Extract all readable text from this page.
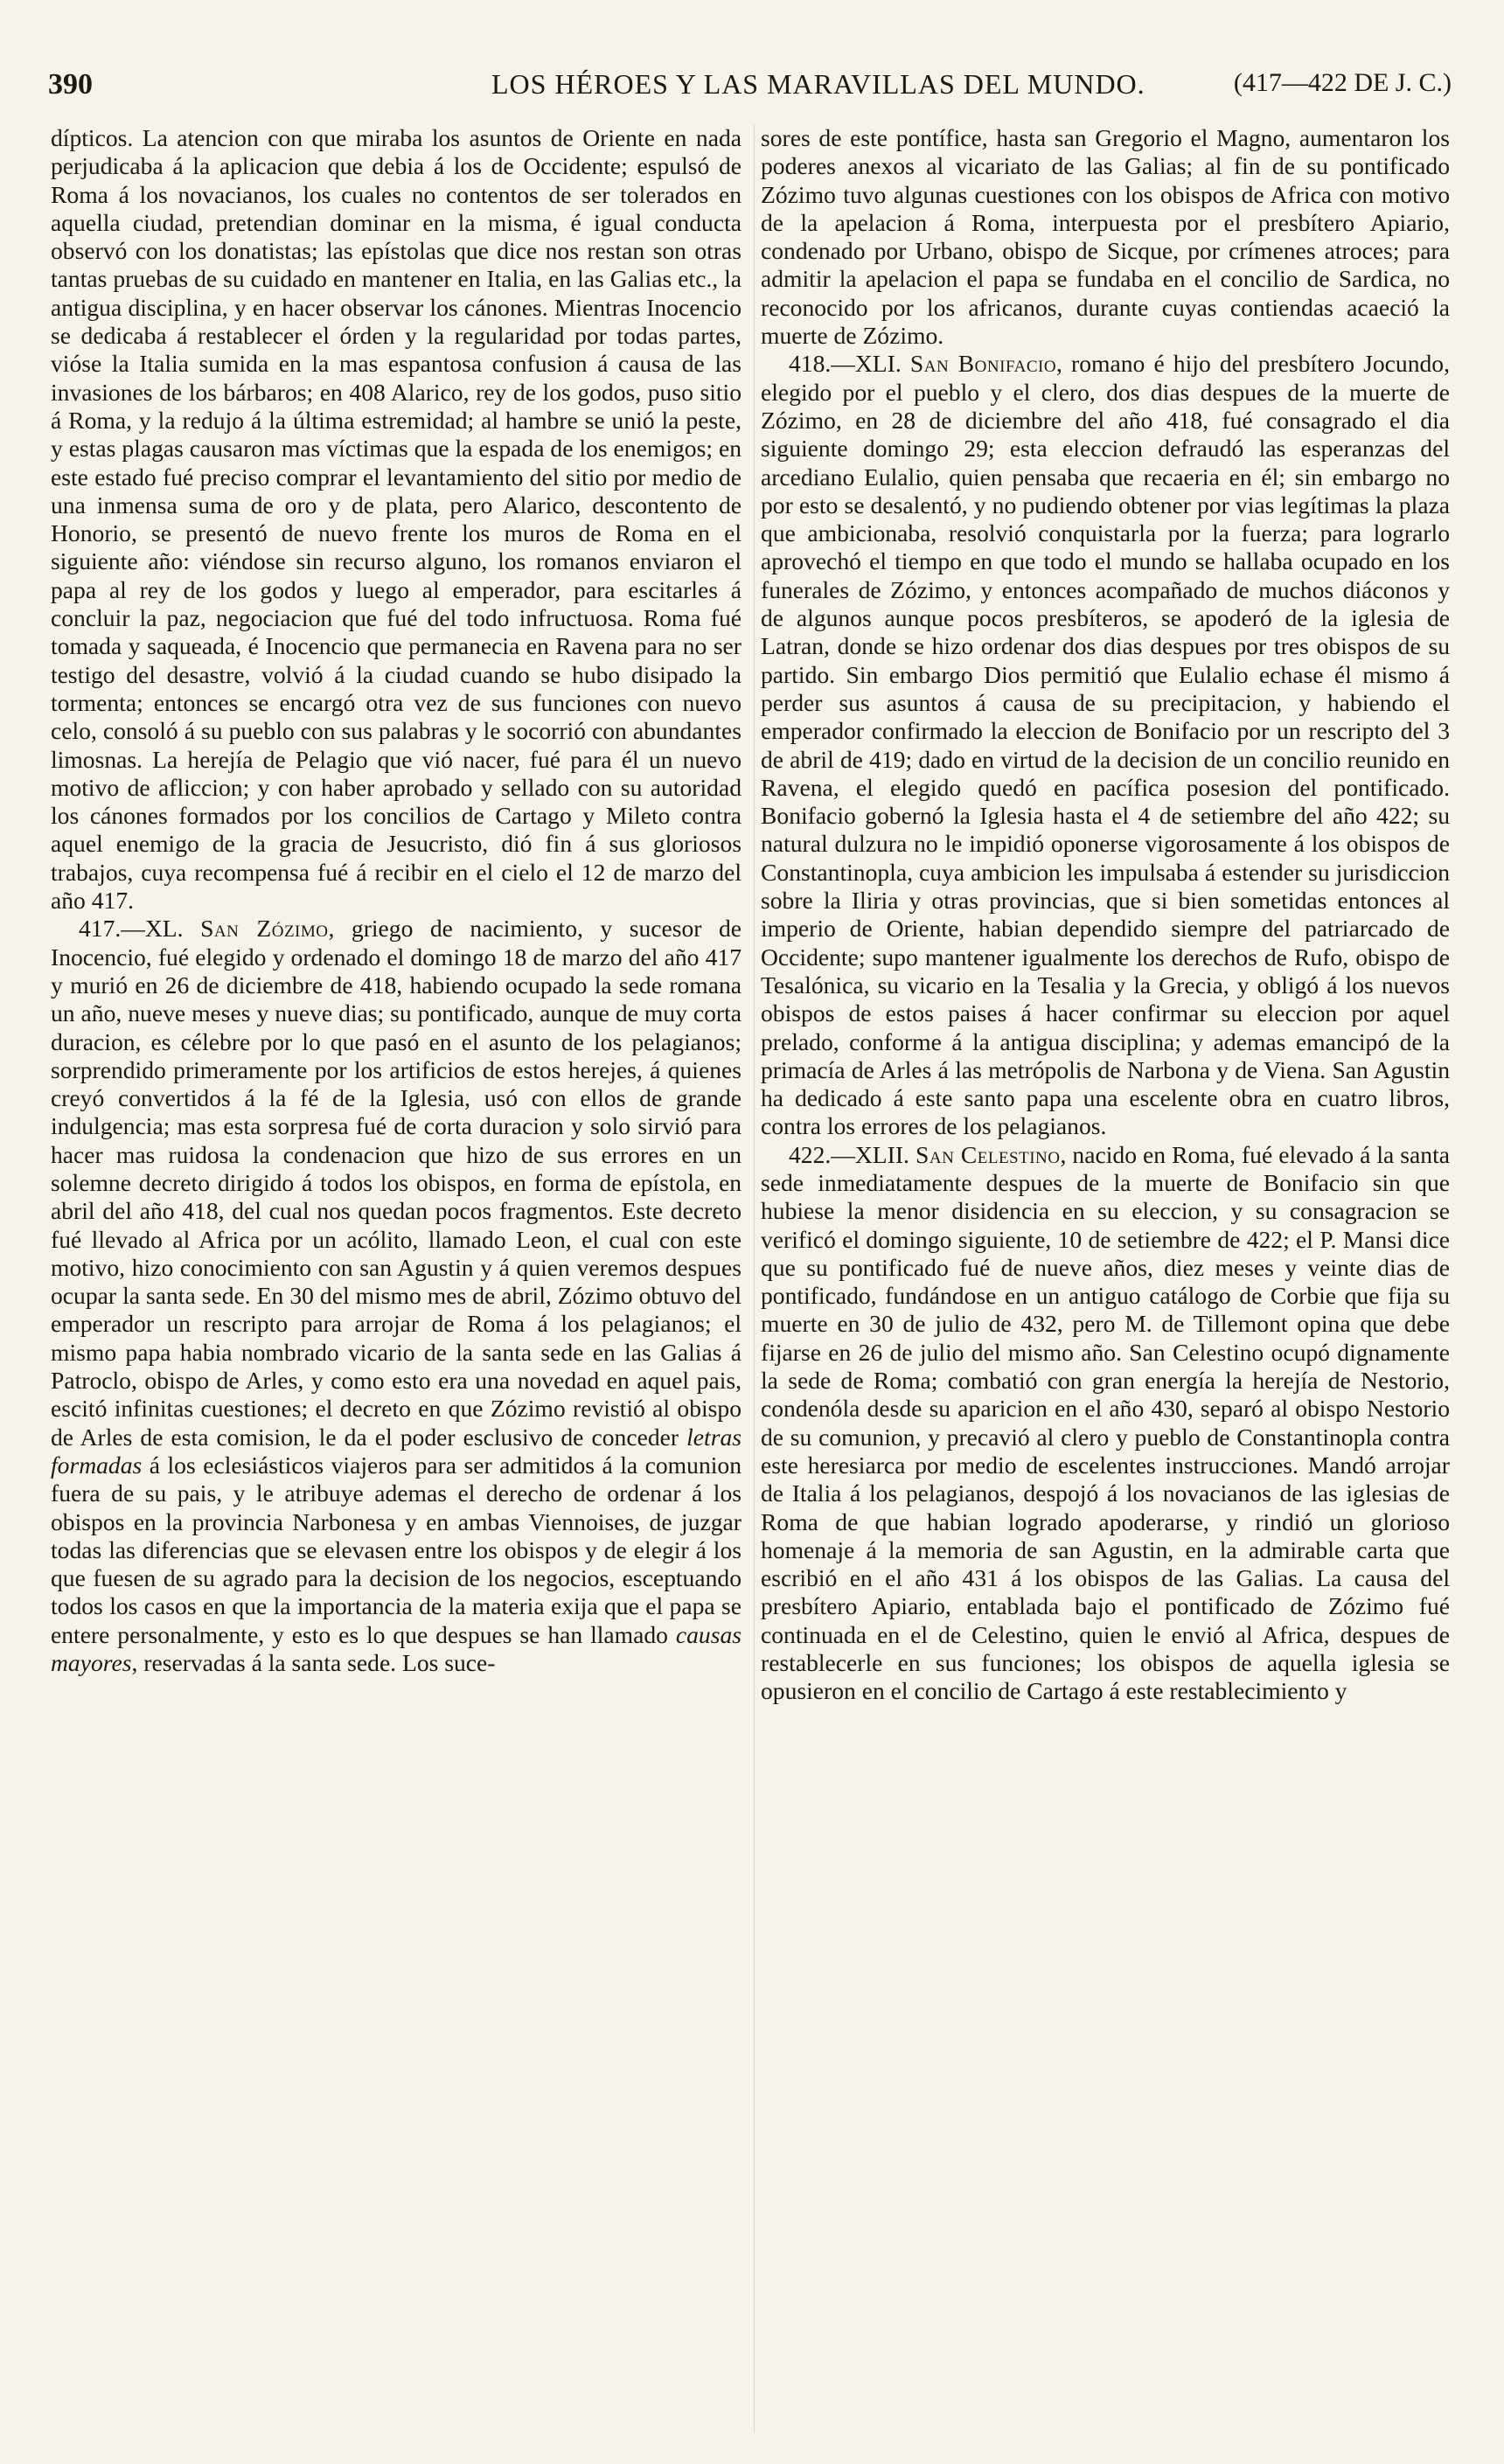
390	LOS HÉROES Y LAS MARAVILLAS DEL MUNDO.	(417—422 DE J. C.)

dípticos. La atencion con que miraba los asuntos de Oriente en nada perjudicaba á la aplicacion que debia á los de Occidente; espulsó de Roma á los novacianos, los cuales no contentos de ser tolerados en aquella ciudad, pretendian dominar en la misma, é igual conducta observó con los donatistas; las epístolas que dice nos restan son otras tantas pruebas de su cuidado en mantener en Italia, en las Galias etc., la antigua disciplina, y en hacer observar los cánones. Mientras Inocencio se dedicaba á restablecer el órden y la regularidad por todas partes, vióse la Italia sumida en la mas espantosa confusion á causa de las invasiones de los bárbaros; en 408 Alarico, rey de los godos, puso sitio á Roma, y la redujo á la última estremidad; al hambre se unió la peste, y estas plagas causaron mas víctimas que la espada de los enemigos; en este estado fué preciso comprar el levantamiento del sitio por medio de una inmensa suma de oro y de plata, pero Alarico, descontento de Honorio, se presentó de nuevo frente los muros de Roma en el siguiente año: viéndose sin recurso alguno, los romanos enviaron el papa al rey de los godos y luego al emperador, para escitarles á concluir la paz, negociacion que fué del todo infructuosa. Roma fué tomada y saqueada, é Inocencio que permanecia en Ravena para no ser testigo del desastre, volvió á la ciudad cuando se hubo disipado la tormenta; entonces se encargó otra vez de sus funciones con nuevo celo, consoló á su pueblo con sus palabras y le socorrió con abundantes limosnas. La herejía de Pelagio que vió nacer, fué para él un nuevo motivo de afliccion; y con haber aprobado y sellado con su autoridad los cánones formados por los concilios de Cartago y Mileto contra aquel enemigo de la gracia de Jesucristo, dió fin á sus gloriosos trabajos, cuya recompensa fué á recibir en el cielo el 12 de marzo del año 417.

417.—XL. San Zózimo, griego de nacimiento, y sucesor de Inocencio, fué elegido y ordenado el domingo 18 de marzo del año 417 y murió en 26 de diciembre de 418, habiendo ocupado la sede romana un año, nueve meses y nueve dias; su pontificado, aunque de muy corta duracion, es célebre por lo que pasó en el asunto de los pelagianos; sorprendido primeramente por los artificios de estos herejes, á quienes creyó convertidos á la fé de la Iglesia, usó con ellos de grande indulgencia; mas esta sorpresa fué de corta duracion y solo sirvió para hacer mas ruidosa la condenacion que hizo de sus errores en un solemne decreto dirigido á todos los obispos, en forma de epístola, en abril del año 418, del cual nos quedan pocos fragmentos. Este decreto fué llevado al Africa por un acólito, llamado Leon, el cual con este motivo, hizo conocimiento con san Agustin y á quien veremos despues ocupar la santa sede. En 30 del mismo mes de abril, Zózimo obtuvo del emperador un rescripto para arrojar de Roma á los pelagianos; el mismo papa habia nombrado vicario de la santa sede en las Galias á Patroclo, obispo de Arles, y como esto era una novedad en aquel pais, escitó infinitas cuestiones; el decreto en que Zózimo revistió al obispo de Arles de esta comision, le da el poder esclusivo de conceder letras formadas á los eclesiásticos viajeros para ser admitidos á la comunion fuera de su pais, y le atribuye ademas el derecho de ordenar á los obispos en la provincia Narbonesa y en ambas Viennoises, de juzgar todas las diferencias que se elevasen entre los obispos y de elegir á los que fuesen de su agrado para la decision de los negocios, esceptuando todos los casos en que la importancia de la materia exija que el papa se entere personalmente, y esto es lo que despues se han llamado causas mayores, reservadas á la santa sede. Los suce-

sores de este pontífice, hasta san Gregorio el Magno, aumentaron los poderes anexos al vicariato de las Galias; al fin de su pontificado Zózimo tuvo algunas cuestiones con los obispos de Africa con motivo de la apelacion á Roma, interpuesta por el presbítero Apiario, condenado por Urbano, obispo de Sicque, por crímenes atroces; para admitir la apelacion el papa se fundaba en el concilio de Sardica, no reconocido por los africanos, durante cuyas contiendas acaeció la muerte de Zózimo.

418.—XLI. San Bonifacio, romano é hijo del presbítero Jocundo, elegido por el pueblo y el clero, dos dias despues de la muerte de Zózimo, en 28 de diciembre del año 418, fué consagrado el dia siguiente domingo 29; esta eleccion defraudó las esperanzas del arcediano Eulalio, quien pensaba que recaeria en él; sin embargo no por esto se desalentó, y no pudiendo obtener por vias legítimas la plaza que ambicionaba, resolvió conquistarla por la fuerza; para lograrlo aprovechó el tiempo en que todo el mundo se hallaba ocupado en los funerales de Zózimo, y entonces acompañado de muchos diáconos y de algunos aunque pocos presbíteros, se apoderó de la iglesia de Latran, donde se hizo ordenar dos dias despues por tres obispos de su partido. Sin embargo Dios permitió que Eulalio echase él mismo á perder sus asuntos á causa de su precipitacion, y habiendo el emperador confirmado la eleccion de Bonifacio por un rescripto del 3 de abril de 419; dado en virtud de la decision de un concilio reunido en Ravena, el elegido quedó en pacífica posesion del pontificado. Bonifacio gobernó la Iglesia hasta el 4 de setiembre del año 422; su natural dulzura no le impidió oponerse vigorosamente á los obispos de Constantinopla, cuya ambicion les impulsaba á estender su jurisdiccion sobre la Iliria y otras provincias, que si bien sometidas entonces al imperio de Oriente, habian dependido siempre del patriarcado de Occidente; supo mantener igualmente los derechos de Rufo, obispo de Tesalónica, su vicario en la Tesalia y la Grecia, y obligó á los nuevos obispos de estos paises á hacer confirmar su eleccion por aquel prelado, conforme á la antigua disciplina; y ademas emancipó de la primacía de Arles á las metrópolis de Narbona y de Viena. San Agustin ha dedicado á este santo papa una escelente obra en cuatro libros, contra los errores de los pelagianos.

422.—XLII. San Celestino, nacido en Roma, fué elevado á la santa sede inmediatamente despues de la muerte de Bonifacio sin que hubiese la menor disidencia en su eleccion, y su consagracion se verificó el domingo siguiente, 10 de setiembre de 422; el P. Mansi dice que su pontificado fué de nueve años, diez meses y veinte dias de pontificado, fundándose en un antiguo catálogo de Corbie que fija su muerte en 30 de julio de 432, pero M. de Tillemont opina que debe fijarse en 26 de julio del mismo año. San Celestino ocupó dignamente la sede de Roma; combatió con gran energía la herejía de Nestorio, condenóla desde su aparicion en el año 430, separó al obispo Nestorio de su comunion, y precavió al clero y pueblo de Constantinopla contra este heresiarca por medio de escelentes instrucciones. Mandó arrojar de Italia á los pelagianos, despojó á los novacianos de las iglesias de Roma de que habian logrado apoderarse, y rindió un glorioso homenaje á la memoria de san Agustin, en la admirable carta que escribió en el año 431 á los obispos de las Galias. La causa del presbítero Apiario, entablada bajo el pontificado de Zózimo fué continuada en el de Celestino, quien le envió al Africa, despues de restablecerle en sus funciones; los obispos de aquella iglesia se opusieron en el concilio de Cartago á este restablecimiento y
